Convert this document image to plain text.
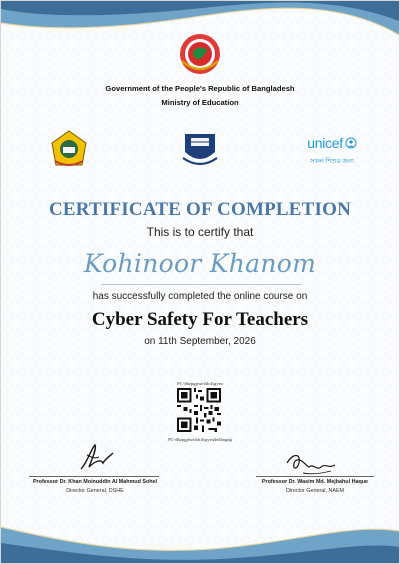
Government of the People's Republic of Bangladesh
Ministry of Education
unicef
সকল শিশুর জন্য
CERTIFICATE OF COMPLETION
This is to certify that
Kohinoor Khanom
has successfully completed the online course on
Cyber Safety For Teachers
on 11th September, 2026
PC-dbzpgjiwe4dc4sgvea
PC-dbzpgjiwe4dc4sgvea4ed4ngdg
Professor Dr. Khan Moinuddin Al Mahmud Sohel
Director General, DSHE
Professor Dr. Wasim Md. Mejbahul Haque
Director General, NAEM
